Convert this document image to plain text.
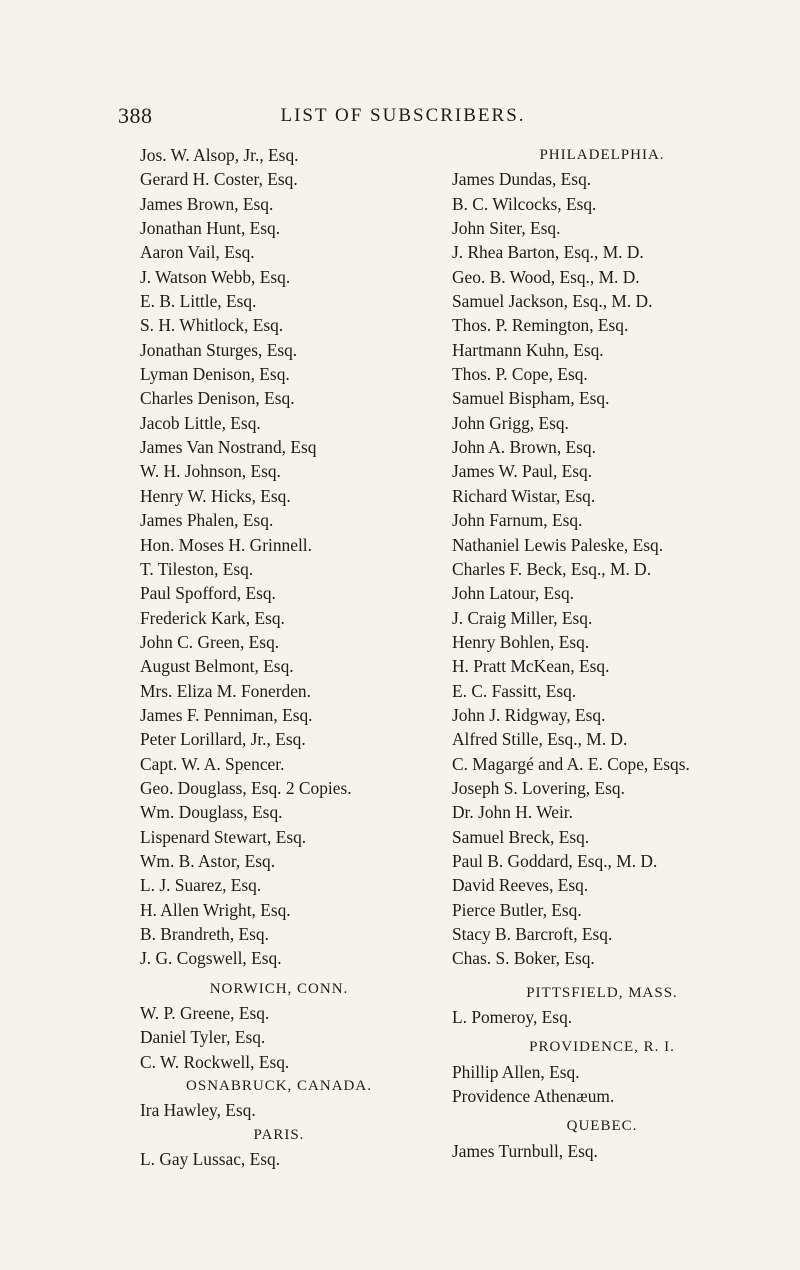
388	LIST OF SUBSCRIBERS.
Jos. W. Alsop, Jr., Esq.
Gerard H. Coster, Esq.
James Brown, Esq.
Jonathan Hunt, Esq.
Aaron Vail, Esq.
J. Watson Webb, Esq.
E. B. Little, Esq.
S. H. Whitlock, Esq.
Jonathan Sturges, Esq.
Lyman Denison, Esq.
Charles Denison, Esq.
Jacob Little, Esq.
James Van Nostrand, Esq
W. H. Johnson, Esq.
Henry W. Hicks, Esq.
James Phalen, Esq.
Hon. Moses H. Grinnell.
T. Tileston, Esq.
Paul Spofford, Esq.
Frederick Kark, Esq.
John C. Green, Esq.
August Belmont, Esq.
Mrs. Eliza M. Fonerden.
James F. Penniman, Esq.
Peter Lorillard, Jr., Esq.
Capt. W. A. Spencer.
Geo. Douglass, Esq. 2 Copies.
Wm. Douglass, Esq.
Lispenard Stewart, Esq.
Wm. B. Astor, Esq.
L. J. Suarez, Esq.
H. Allen Wright, Esq.
B. Brandreth, Esq.
J. G. Cogswell, Esq.
NORWICH, CONN.
W. P. Greene, Esq.
Daniel Tyler, Esq.
C. W. Rockwell, Esq.
OSNABRUCK, CANADA.
Ira Hawley, Esq.
PARIS.
L. Gay Lussac, Esq.
PHILADELPHIA.
James Dundas, Esq.
B. C. Wilcocks, Esq.
John Siter, Esq.
J. Rhea Barton, Esq., M. D.
Geo. B. Wood, Esq., M. D.
Samuel Jackson, Esq., M. D.
Thos. P. Remington, Esq.
Hartmann Kuhn, Esq.
Thos. P. Cope, Esq.
Samuel Bispham, Esq.
John Grigg, Esq.
John A. Brown, Esq.
James W. Paul, Esq.
Richard Wistar, Esq.
John Farnum, Esq.
Nathaniel Lewis Paleske, Esq.
Charles F. Beck, Esq., M. D.
John Latour, Esq.
J. Craig Miller, Esq.
Henry Bohlen, Esq.
H. Pratt McKean, Esq.
E. C. Fassitt, Esq.
John J. Ridgway, Esq.
Alfred Stille, Esq., M. D.
C. Magargé and A. E. Cope, Esqs.
Joseph S. Lovering, Esq.
Dr. John H. Weir.
Samuel Breck, Esq.
Paul B. Goddard, Esq., M. D.
David Reeves, Esq.
Pierce Butler, Esq.
Stacy B. Barcroft, Esq.
Chas. S. Boker, Esq.
PITTSFIELD, MASS.
L. Pomeroy, Esq.
PROVIDENCE, R. I.
Phillip Allen, Esq.
Providence Athenæum.
QUEBEC.
James Turnbull, Esq.
